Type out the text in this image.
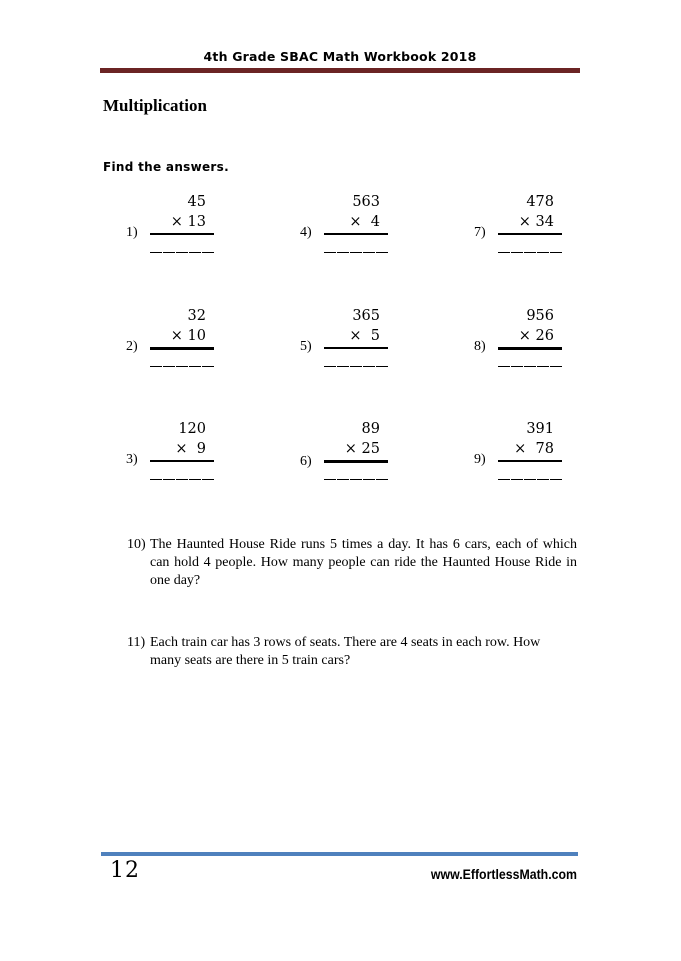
4th Grade SBAC Math Workbook 2018
Multiplication
Find the answers.
1)
45
× 13
2)
32
× 10
3)
120
×  9
4)
563
×  4
5)
365
×  5
6)
89
× 25
7)
478
× 34
8)
956
× 26
9)
391
×  78
10) The Haunted House Ride runs 5 times a day. It has 6 cars, each of which can hold 4 people. How many people can ride the Haunted House Ride in one day?
11) Each train car has 3 rows of seats. There are 4 seats in each row. How many seats are there in 5 train cars?
12	www.EffortlessMath.com
